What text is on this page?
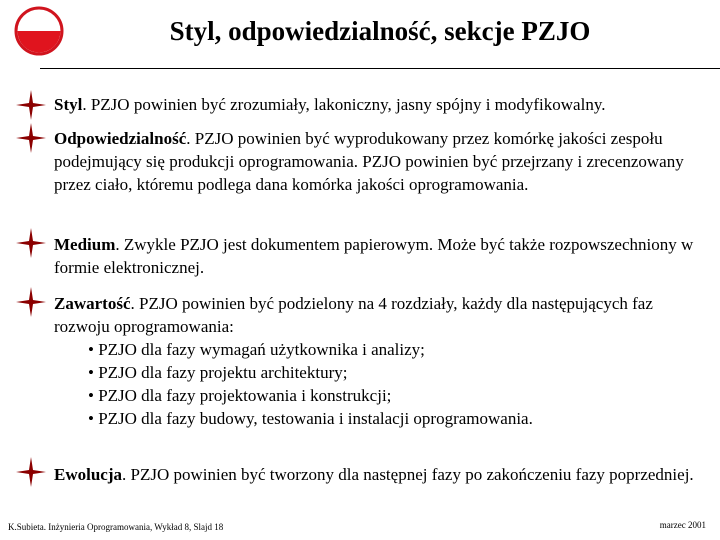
Styl, odpowiedzialność, sekcje PZJO
Styl. PZJO powinien być zrozumiały, lakoniczny, jasny spójny i modyfikowalny.
Odpowiedzialność. PZJO powinien być wyprodukowany przez komórkę jakości zespołu podejmujący się produkcji oprogramowania. PZJO powinien być przejrzany i zrecenzowany przez ciało, któremu podlega dana komórka jakości oprogramowania.
Medium. Zwykle PZJO jest dokumentem papierowym. Może być także rozpowszechniony w formie elektronicznej.
Zawartość. PZJO powinien być podzielony na 4 rozdziały, każdy dla następujących faz rozwoju oprogramowania:
• PZJO dla fazy wymagań użytkownika i analizy;
• PZJO dla fazy projektu architektury;
• PZJO dla fazy projektowania i konstrukcji;
• PZJO dla fazy budowy, testowania i instalacji oprogramowania.
Ewolucja. PZJO powinien być tworzony dla następnej fazy po zakończeniu fazy poprzedniej.
K.Subieta. Inżynieria Oprogramowania, Wykład 8, Slajd 18	marzec 2001
